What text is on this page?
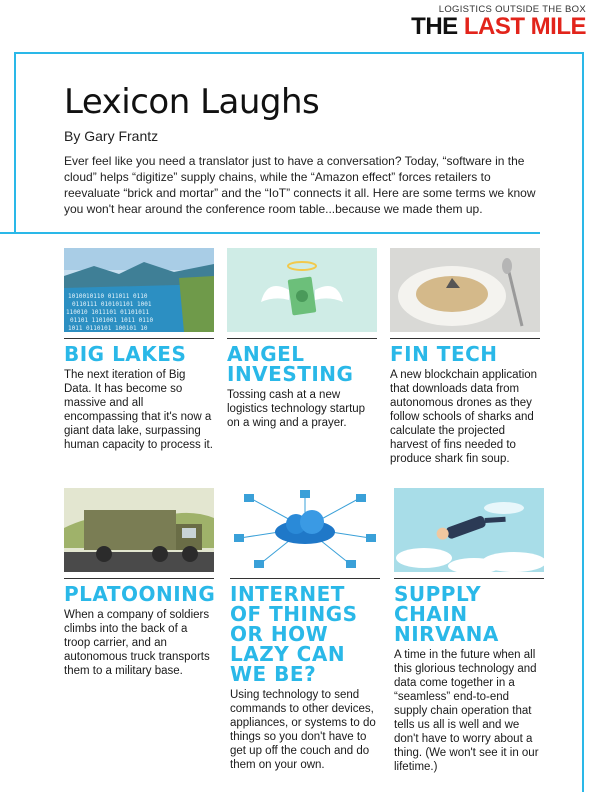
LOGISTICS OUTSIDE THE BOX
THE LAST MILE
Lexicon Laughs
By Gary Frantz
Ever feel like you need a translator just to have a conversation? Today, “software in the cloud” helps “digitize” supply chains, while the “Amazon effect” forces retailers to reevaluate “brick and mortar” and the “IoT” connects it all. Here are some terms we know you won't hear around the conference room table...because we made them up.
1010010110 011011 0110
0110111 010101101 1001
110010 1011101 01101011
01101 1101001 1011 0110
1011 0110101 100101 10
BIG LAKES

The next iteration of Big Data. It has become so massive and all encompassing that it's now a giant data lake, surpassing human capacity to process it.

ANGEL INVESTING

Tossing cash at a new logistics technology startup on a wing and a prayer.

FIN TECH

A new blockchain application that downloads data from autonomous drones as they follow schools of sharks and calculate the projected harvest of fins needed to produce shark fin soup.

PLATOONING

When a company of soldiers climbs into the back of a troop carrier, and an autonomous truck transports them to a military base.

INTERNET OF THINGS OR HOW LAZY CAN WE BE?

Using technology to send commands to other devices, appliances, or systems to do things so you don't have to get up off the couch and do them on your own.

SUPPLY CHAIN NIRVANA

A time in the future when all this glorious technology and data come together in a “seamless” end-to-end supply chain operation that tells us all is well and we don't have to worry about a thing. (We won't see it in our lifetime.)
